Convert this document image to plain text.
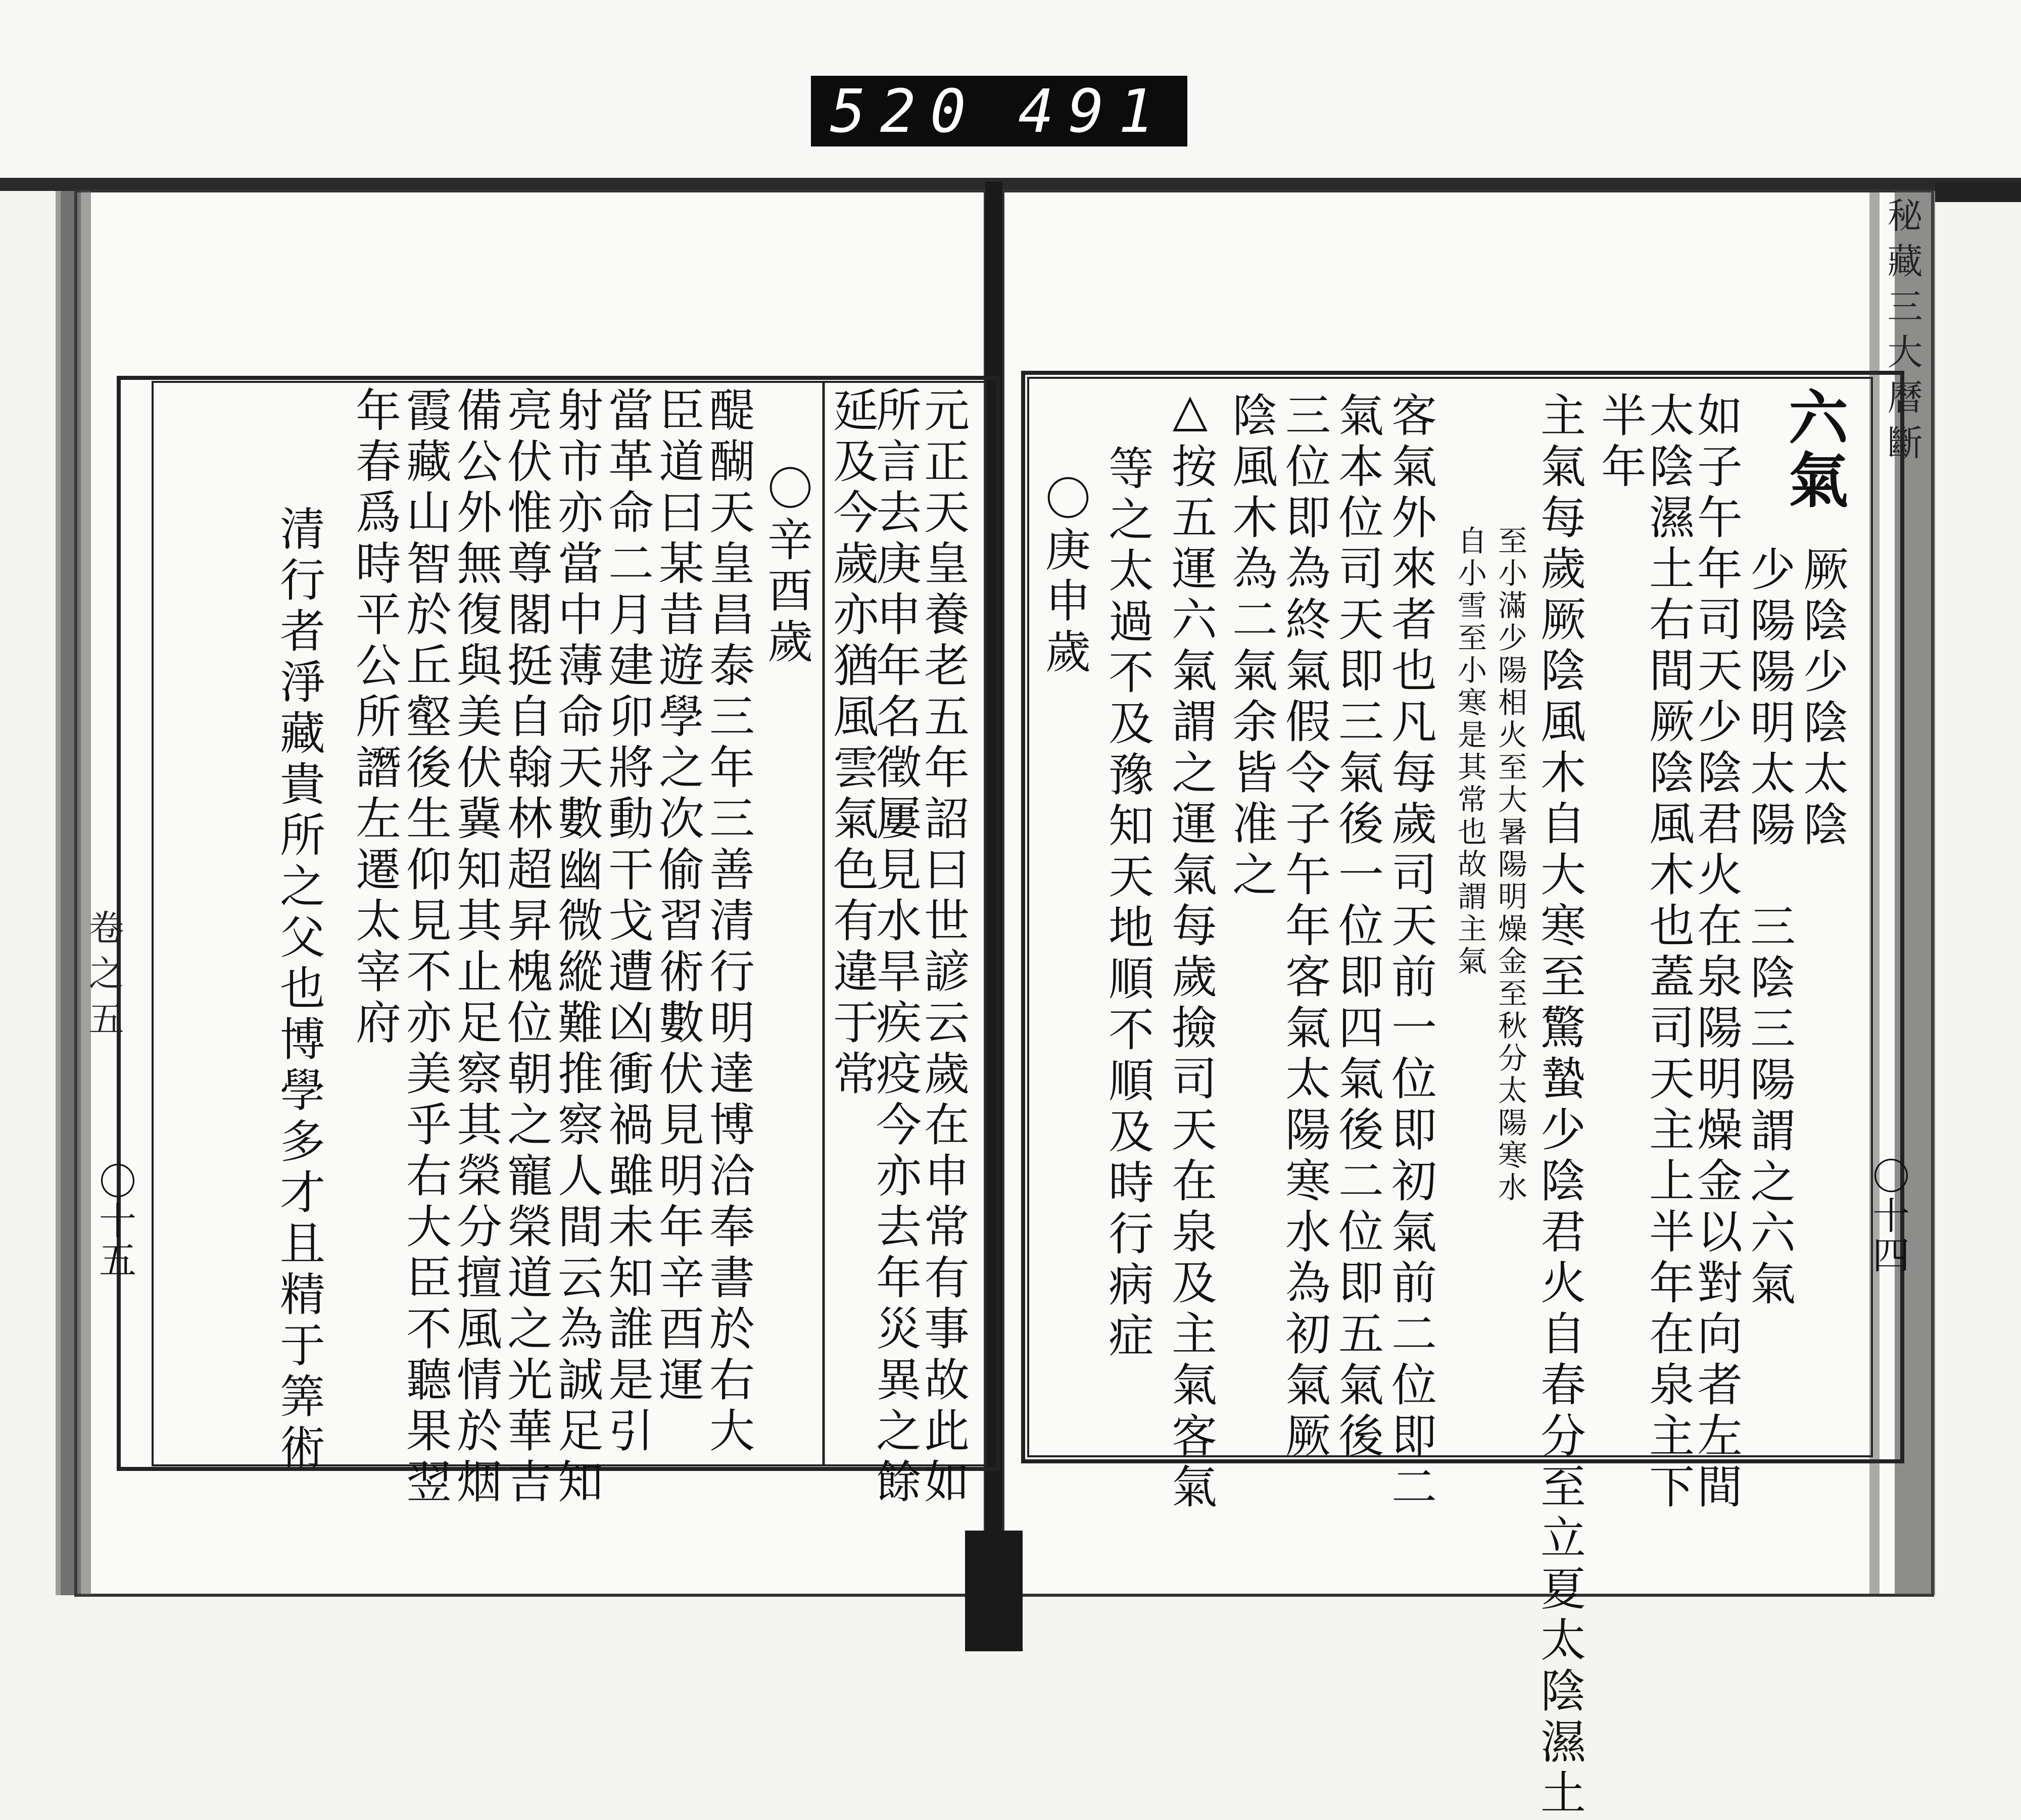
520 491
秘藏三大曆斷
〇十四
六氣
厥陰少陰太陰
少陽陽明太陽　三陰三陽謂之六氣
如子午年司天少陰君火在泉陽明燥金以對向者左間
太陰濕土右間厥陰風木也蓋司天主上半年在泉主下
半年
主氣每歲厥陰風木自大寒至驚蟄少陰君火自春分至立夏太陰濕土
至小滿少陽相火至大暑陽明燥金至秋分太陽寒水
自小雪至小寒是其常也故謂主氣
客氣外來者也凡每歲司天前一位即初氣前二位即二
氣本位司天即三氣後一位即四氣後二位即五氣後
三位即為終氣假令子午年客氣太陽寒水為初氣厥
陰風木為二氣余皆准之
△按五運六氣謂之運氣每歲撿司天在泉及主氣客氣
等之太過不及豫知天地順不順及時行病症
〇庚申歲
卷之五
〇十五	元正天皇養老五年詔曰世諺云歲在申常有事故此如
所言去庚申年名徵屢見水旱疾疫今亦去年災異之餘
延及今歲亦猶風雲氣色有違于常
〇辛酉歲
醍醐天皇昌泰三年三善清行明達博洽奉書於右大
臣道曰某昔遊學之次偷習術數伏見明年辛酉運
當革命二月建卯將動干戈遭凶衝禍雖未知誰是引
射市亦當中薄命天數幽微縱難推察人間云為誠足知
亮伏惟尊閣挺自翰林超昇槐位朝之寵榮道之光華吉
備公外無復與美伏冀知其止足察其榮分擅風情於烟
霞藏山智於丘壑後生仰見不亦美乎右大臣不聽果翌
年春爲時平公所譖左遷太宰府
清行者淨藏貴所之父也博學多才且精于筭術
